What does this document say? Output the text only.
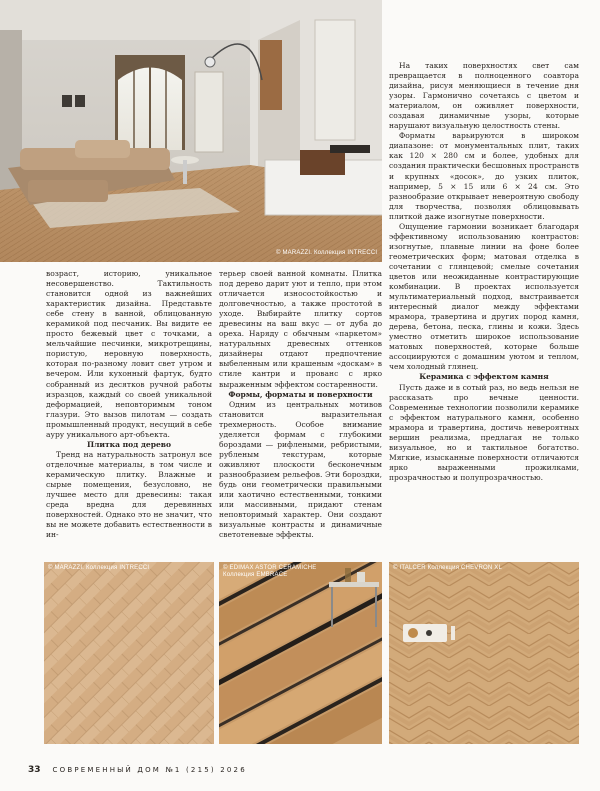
© MARAZZI. Коллекция INTRECCI

На таких поверхностях свет сам превращается в полноценного соавтора дизайна, рисуя меняющиеся в течение дня узоры. Гармонично сочетаясь с цветом и материалом, он оживляет поверхности, создавая динамичные узоры, которые нарушают визуальную целостность стены.

Форматы варьируются в широком диапазоне: от монументальных плит, таких как 120 × 280 см и более, удобных для создания практически бесшовных пространств и крупных «досок», до узких плиток, например, 5 × 15 или 6 × 24 см. Это разнообразие открывает невероятную свободу для творчества, позволяя облицовывать плиткой даже изогнутые поверхности.

Ощущение гармонии возникает благодаря эффективному использованию контрастов: изогнутые, плавные линии на фоне более геометрических форм; матовая отделка в сочетании с глянцевой; смелые сочетания цветов или неожиданные контрастирующие комбинации. В проектах используется мультиматериальный подход, выстраивается интересный диалог между эффектами мрамора, травертина и других пород камня, дерева, бетона, песка, глины и кожи. Здесь уместно отметить широкое использование матовых поверхностей, которые больше ассоциируются с домашним уютом и теплом, чем холодный глянец.

Керамика с эффектом камня

Пусть даже и в сотый раз, но ведь нельзя не рассказать про вечные ценности. Современные технологии позволили керамике с эффектом натурального камня, особенно мрамора и травертина, достичь невероятных вершин реализма, предлагая не только визуальное, но и тактильное богатство. Мягкие, изысканные поверхности отличаются ярко выраженными прожилками, прозрачностью и полупрозрачностью.

возраст, историю, уникальное несовершенство. Тактильность становится одной из важнейших характеристик дизайна. Представьте себе стену в ванной, облицованную керамикой под песчаник. Вы видите ее просто бежевый цвет с точками, а мельчайшие песчинки, микротрещины, пористую, неровную поверхность, которая по-разному ловит свет утром и вечером. Или кухонный фартук, будто собранный из десятков ручной работы изразцов, каждый со своей уникальной деформацией, неповторимым тоном глазури. Это вызов пилотам — создать промышленный продукт, несущий в себе ауру уникального арт-объекта.

Плитка под дерево

Тренд на натуральность затронул все отделочные материалы, в том числе и керамическую плитку. Влажные и сырые помещения, безусловно, не лучшее место для древесины: такая среда вредна для деревянных поверхностей. Однако это не значит, что вы не можете добавить естественности в ин-

терьер своей ванной комнаты. Плитка под дерево дарит уют и тепло, при этом отличается износостойкостью и долговечностью, а также простотой в уходе. Выбирайте плитку сортов древесины на ваш вкус — от дуба до ореха. Наряду с обычным «паркетом» натуральных древесных оттенков дизайнеры отдают предпочтение выбеленным или крашеным «доскам» в стиле кантри и прованс с ярко выраженным эффектом состаренности.

Формы, форматы и поверхности

Одним из центральных мотивов становится выразительная трехмерность. Особое внимание уделяется формам с глубокими бороздами — рифлеными, ребристыми, рубленым текстурам, которые оживляют плоскости бесконечным разнообразием рельефов. Эти бороздки, будь они геометрически правильными или хаотично естественными, тонкими или массивными, придают стенам неповторимый характер. Они создают визуальные контрасты и динамичные светотеневые эффекты.

© MARAZZI. Коллекция INTRECCI	© EDIMAX ASTOR CERAMICHE
Коллекция EMBRACE
© ITALCER Коллекция CHEVRON XL
33 СОВРЕМЕННЫЙ ДОМ №1 (215) 2026
